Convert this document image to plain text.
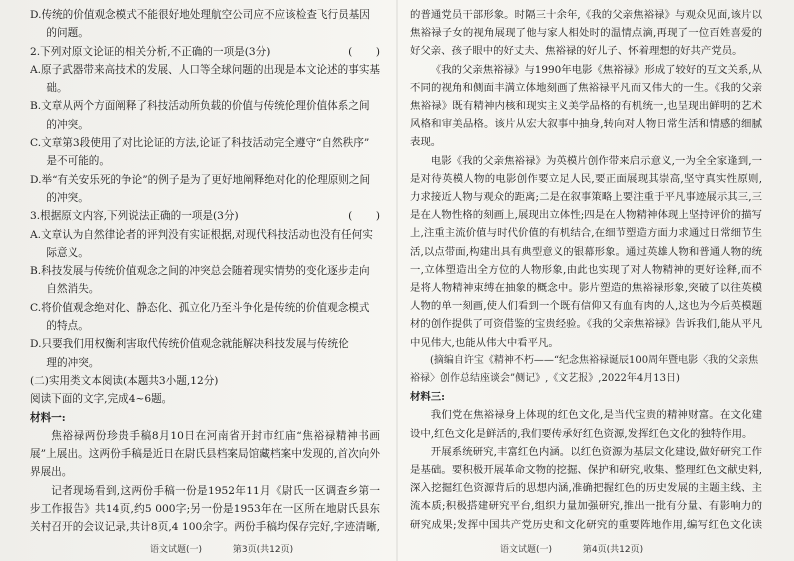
D.传统的价值观念模式不能很好地处理航空公司应不应该检查飞行员基因
的问题。

2.下列对原文论证的相关分析,不正确的一项是(3分)	(       )

A.原子武器带来高技术的发展、人口等全球问题的出现是本文论述的事实基础。

B.文章从两个方面阐释了科技活动所负载的价值与传统伦理价值体系之间
的冲突。

C.文章第3段使用了对比论证的方法,论证了科技活动完全遵守“自然秩序”
是不可能的。

D.举“有关安乐死的争论”的例子是为了更好地阐释绝对化的伦理原则之间
的冲突。

3.根据原文内容,下列说法正确的一项是(3分)	(       )

A.文章认为自然律论者的评判没有实证根据,对现代科技活动也没有任何实
际意义。

B.科技发展与传统价值观念之间的冲突总会随着现实情势的变化逐步走向
自然消失。

C.将价值观念绝对化、静态化、孤立化乃至斗争化是传统的价值观念模式的特点。

D.只要我们用权衡利害取代传统价值观念就能解决科技发展与传统伦
理的冲突。

(二)实用类文本阅读(本题共3小题,12分)

阅读下面的文字,完成4~6题。

材料一:

焦裕禄两份珍贵手稿8月10日在河南省开封市红庙“焦裕禄精神书画展”上展出。这两份手稿是近日在尉氏县档案局馆藏档案中发现的,首次向外界展出。

记者现场看到,这两份手稿一份是1952年11月《尉氏一区调查乡第一步工作报告》共14页,约5 000字;另一份是1953年在一区所在地尉氏县东关村召开的会议记录,共计8页,4 100余字。两份手稿均保存完好,字迹清晰,

的普通党员干部形象。时隔三十余年,《我的父亲焦裕禄》与观众见面,该片以焦裕禄子女的视角展现了他与家人相处时的温情点滴,再现了一位百姓喜爱的好父亲、孩子眼中的好丈夫、焦裕禄的好儿子、怀着理想的好共产党员。

《我的父亲焦裕禄》与1990年电影《焦裕禄》形成了较好的互文关系,从不同的视角和侧面丰满立体地刻画了焦裕禄平凡而又伟大的一生。《我的父亲焦裕禄》既有精神内核和现实主义美学品格的有机统一,也呈现出鲜明的艺术风格和审美品格。该片从宏大叙事中抽身,转向对人物日常生活和情感的细腻表现。

电影《我的父亲焦裕禄》为英模片创作带来启示意义,一为全全家逢到,一是对待英模人物的电影创作要立足人民,要正面展现其崇高,坚守真实性原则,力求接近人物与观众的距离;二是在叙事策略上要注重于平凡事迹展示其三,三是在人物性格的刻画上,展现出立体性;四是在人物精神体现上坚持评价的描写上,注重主流价值与时代价值的有机结合,在细节塑造方面力求通过日常细节生活,以点带面,构建出具有典型意义的银幕形象。通过英雄人物和普通人物的统一,立体塑造出全方位的人物形象,由此也实现了对人物精神的更好诠释,而不是将人物精神束缚在抽象的概念中。影片塑造的焦裕禄形象,突破了以往英模人物的单一刻画,使人们看到一个既有信仰又有血有肉的人,这也为今后英模题材的创作提供了可资借鉴的宝贵经验。《我的父亲焦裕禄》告诉我们,能从平凡中见伟大,也能从伟大中看平凡。

(摘编自许宝《精神不朽——“纪念焦裕禄诞辰100周年暨电影〈我的父亲焦裕禄〉创作总结座谈会”侧记》,《文艺报》,2022年4月13日)

材料三:

我们党在焦裕禄身上体现的红色文化,是当代宝贵的精神财富。在文化建设中,红色文化是鲜活的,我们要传承好红色资源,发挥红色文化的独特作用。

开展系统研究,丰富红色内涵。以红色资源为基层文化建设,做好研究工作是基础。要积极开展革命文物的挖掘、保护和研究,收集、整理红色文献史料,深入挖掘红色资源背后的思想内涵,准确把握红色的历史发展的主题主线、主流本质;积极搭建研究平台,组织力量加强研究,推出一批有分量、有影响力的研究成果;发挥中国共产党历史和文化研究的重要阵地作用,编写红色文化读

语文试题(一)	第3页(共12页)	语文试题(一)	第4页(共12页)
